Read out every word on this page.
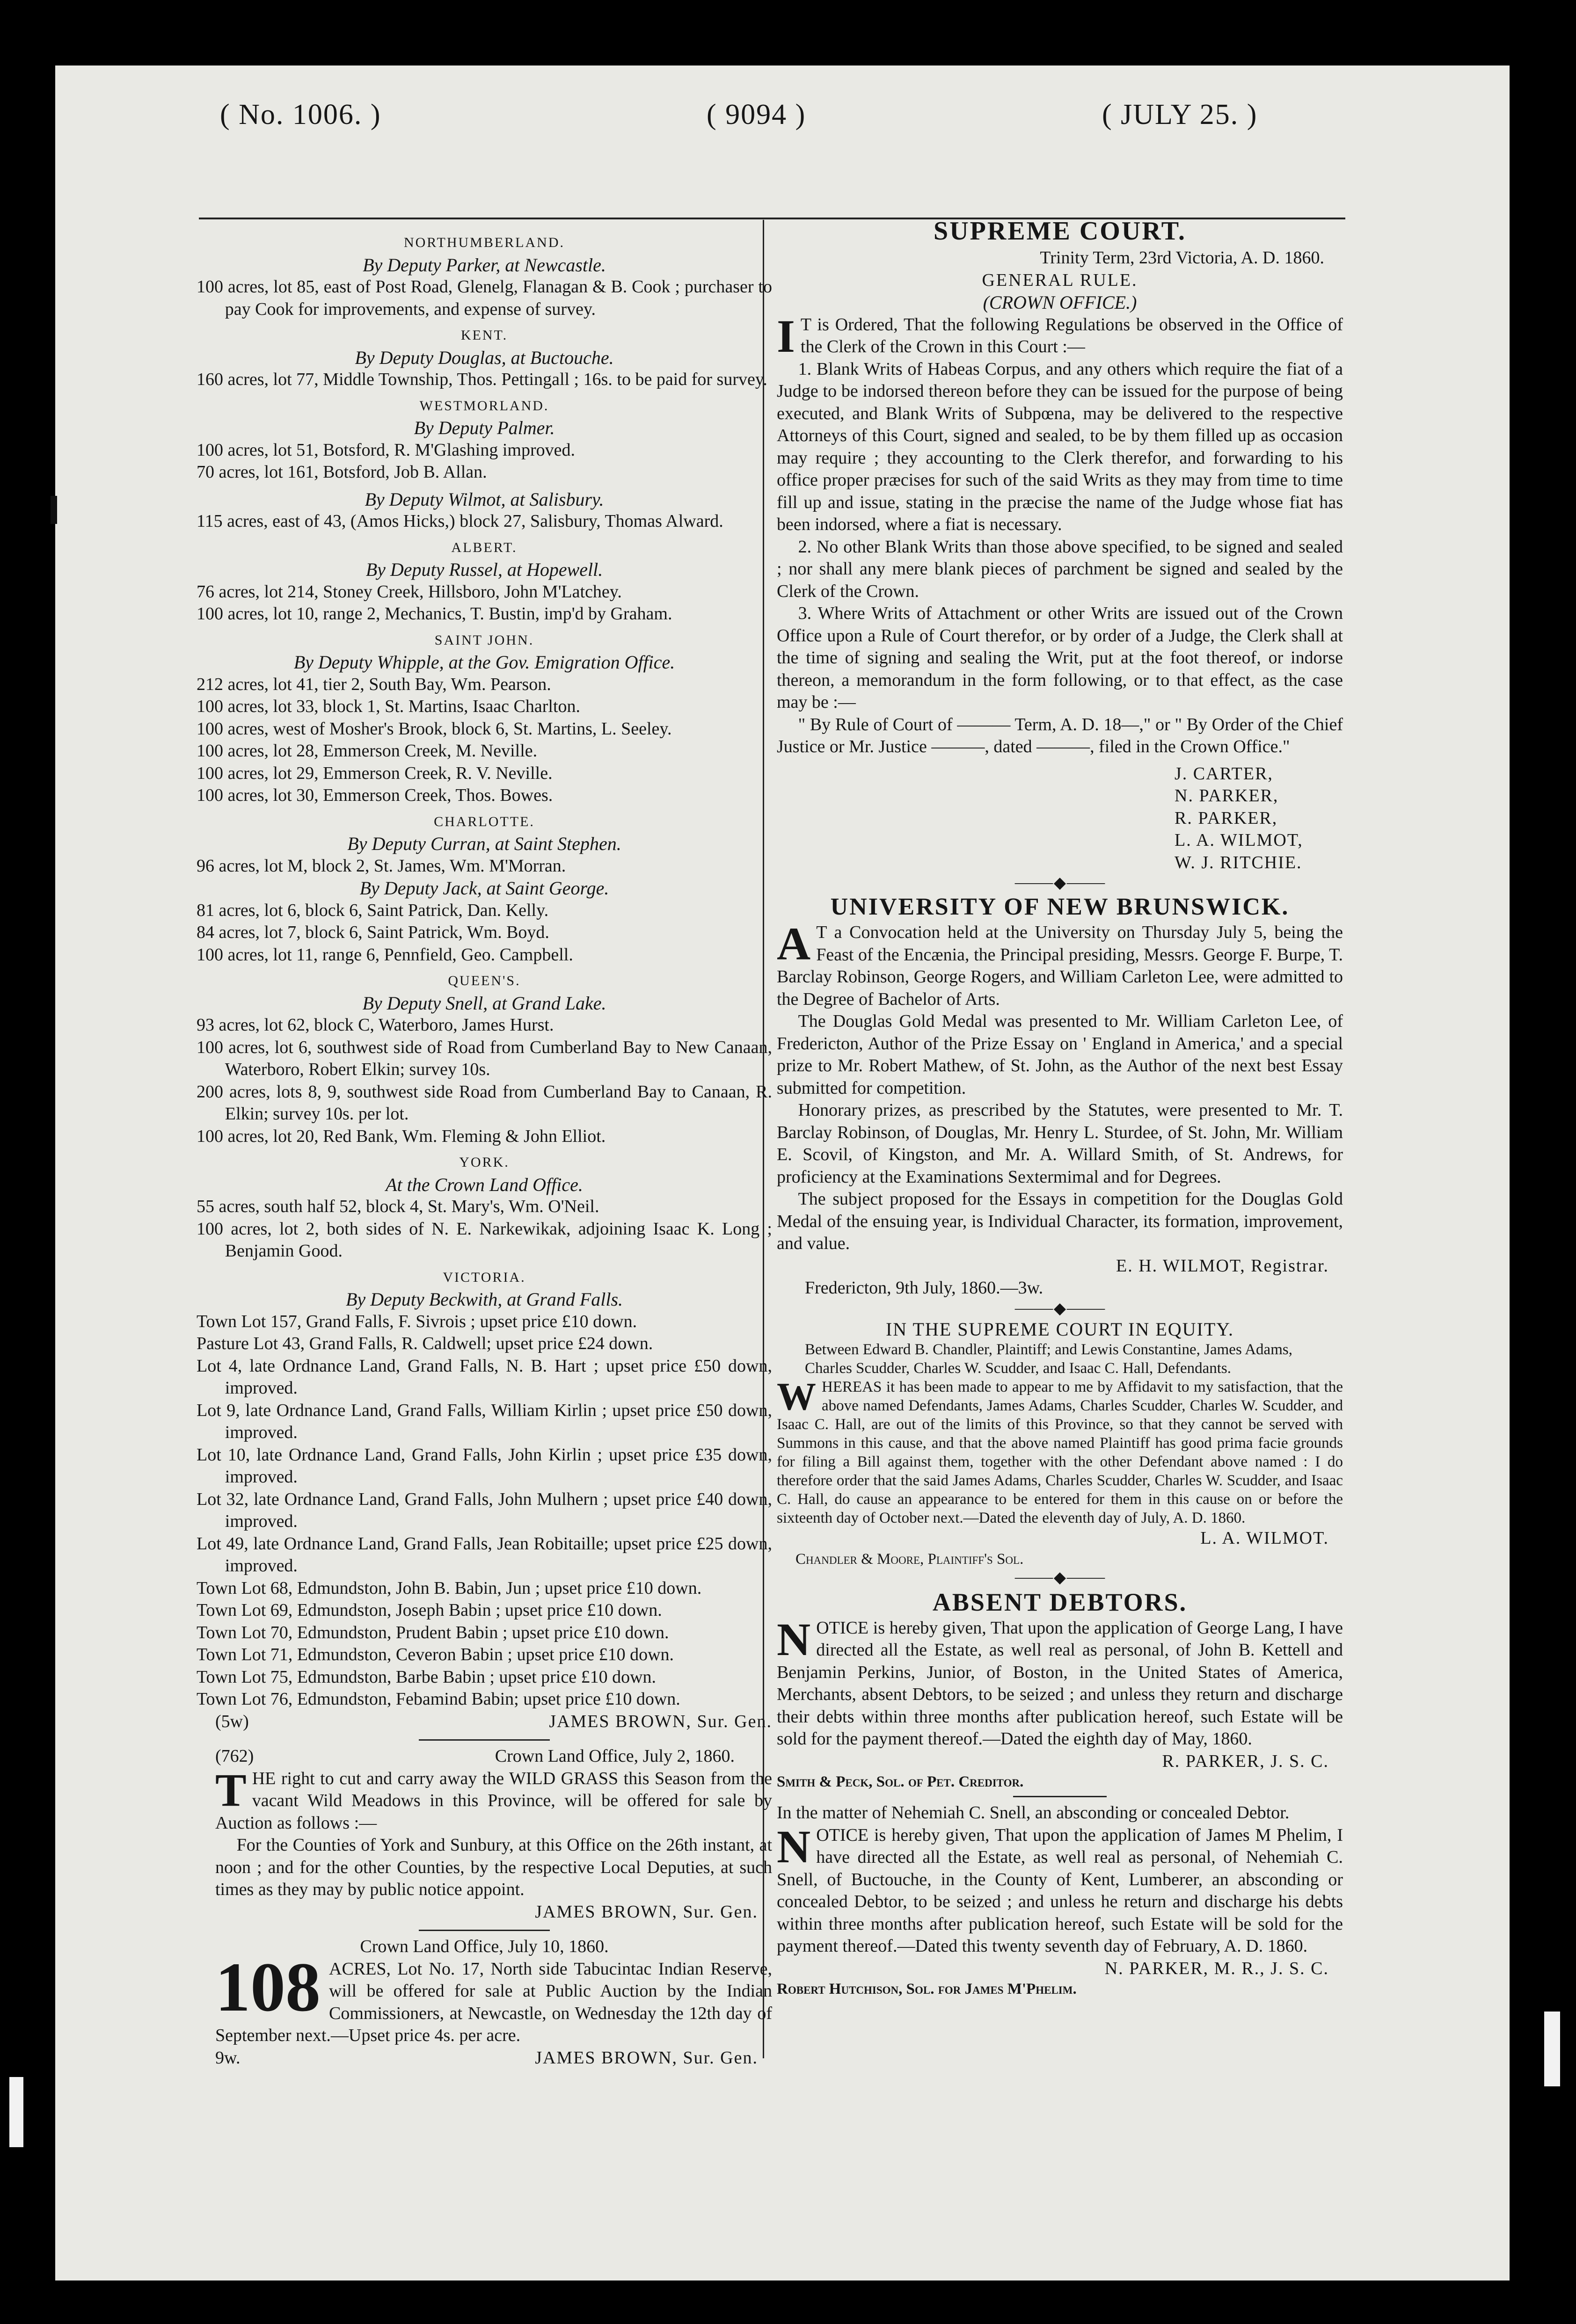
( No. 1006. )	( 9094 )	( JULY 25. )

NORTHUMBERLAND.

By Deputy Parker, at Newcastle.

100 acres, lot 85, east of Post Road, Glenelg, Flanagan & B. Cook ; purchaser to pay Cook for improvements, and expense of survey.

KENT.

By Deputy Douglas, at Buctouche.

160 acres, lot 77, Middle Township, Thos. Pettingall ; 16s. to be paid for survey.

WESTMORLAND.

By Deputy Palmer.

100 acres, lot 51, Botsford, R. M'Glashing improved.

70 acres, lot 161, Botsford, Job B. Allan.

By Deputy Wilmot, at Salisbury.

115 acres, east of 43, (Amos Hicks,) block 27, Salisbury, Thomas Alward.

ALBERT.

By Deputy Russel, at Hopewell.

76 acres, lot 214, Stoney Creek, Hillsboro, John M'Latchey.

100 acres, lot 10, range 2, Mechanics, T. Bustin, imp'd by Graham.

SAINT JOHN.

By Deputy Whipple, at the Gov. Emigration Office.

212 acres, lot 41, tier 2, South Bay, Wm. Pearson.

100 acres, lot 33, block 1, St. Martins, Isaac Charlton.

100 acres, west of Mosher's Brook, block 6, St. Martins, L. Seeley.

100 acres, lot 28, Emmerson Creek, M. Neville.

100 acres, lot 29, Emmerson Creek, R. V. Neville.

100 acres, lot 30, Emmerson Creek, Thos. Bowes.

CHARLOTTE.

By Deputy Curran, at Saint Stephen.

96 acres, lot M, block 2, St. James, Wm. M'Morran.

By Deputy Jack, at Saint George.

81 acres, lot 6, block 6, Saint Patrick, Dan. Kelly.

84 acres, lot 7, block 6, Saint Patrick, Wm. Boyd.

100 acres, lot 11, range 6, Pennfield, Geo. Campbell.

QUEEN'S.

By Deputy Snell, at Grand Lake.

93 acres, lot 62, block C, Waterboro, James Hurst.

100 acres, lot 6, southwest side of Road from Cumberland Bay to New Canaan, Waterboro, Robert Elkin; survey 10s.

200 acres, lots 8, 9, southwest side Road from Cumberland Bay to Canaan, R. Elkin; survey 10s. per lot.

100 acres, lot 20, Red Bank, Wm. Fleming & John Elliot.

YORK.

At the Crown Land Office.

55 acres, south half 52, block 4, St. Mary's, Wm. O'Neil.

100 acres, lot 2, both sides of N. E. Narkewikak, adjoining Isaac K. Long ; Benjamin Good.

VICTORIA.

By Deputy Beckwith, at Grand Falls.

Town Lot 157, Grand Falls, F. Sivrois ; upset price £10 down.

Pasture Lot 43, Grand Falls, R. Caldwell; upset price £24 down.

Lot 4, late Ordnance Land, Grand Falls, N. B. Hart ; upset price £50 down, improved.

Lot 9, late Ordnance Land, Grand Falls, William Kirlin ; upset price £50 down, improved.

Lot 10, late Ordnance Land, Grand Falls, John Kirlin ; upset price £35 down, improved.

Lot 32, late Ordnance Land, Grand Falls, John Mulhern ; upset price £40 down, improved.

Lot 49, late Ordnance Land, Grand Falls, Jean Robitaille; upset price £25 down, improved.

Town Lot 68, Edmundston, John B. Babin, Jun ; upset price £10 down.

Town Lot 69, Edmundston, Joseph Babin ; upset price £10 down.

Town Lot 70, Edmundston, Prudent Babin ; upset price £10 down.

Town Lot 71, Edmundston, Ceveron Babin ; upset price £10 down.

Town Lot 75, Edmundston, Barbe Babin ; upset price £10 down.

Town Lot 76, Edmundston, Febamind Babin; upset price £10 down.

(5w)	JAMES BROWN, Sur. Gen.

(762)	Crown Land Office, July 2, 1860.

THE right to cut and carry away the WILD GRASS this Season from the vacant Wild Meadows in this Province, will be offered for sale by Auction as follows :—

For the Counties of York and Sunbury, at this Office on the 26th instant, at noon ; and for the other Counties, by the respective Local Deputies, at such times as they may by public notice appoint.

JAMES BROWN, Sur. Gen.

Crown Land Office, July 10, 1860.

108 ACRES, Lot No. 17, North side Tabucintac Indian Reserve, will be offered for sale at Public Auction by the Indian Commissioners, at Newcastle, on Wednesday the 12th day of September next.—Upset price 4s. per acre.

9w.	JAMES BROWN, Sur. Gen.

SUPREME COURT.

Trinity Term, 23rd Victoria, A. D. 1860.

GENERAL RULE.

(CROWN OFFICE.)

I T is Ordered, That the following Regulations be observed in the Office of the Clerk of the Crown in this Court :—

1. Blank Writs of Habeas Corpus, and any others which require the fiat of a Judge to be indorsed thereon before they can be issued for the purpose of being executed, and Blank Writs of Subpœna, may be delivered to the respective Attorneys of this Court, signed and sealed, to be by them filled up as occasion may require ; they accounting to the Clerk therefor, and forwarding to his office proper præcises for such of the said Writs as they may from time to time fill up and issue, stating in the præcise the name of the Judge whose fiat has been indorsed, where a fiat is necessary.

2. No other Blank Writs than those above specified, to be signed and sealed ; nor shall any mere blank pieces of parchment be signed and sealed by the Clerk of the Crown.

3. Where Writs of Attachment or other Writs are issued out of the Crown Office upon a Rule of Court therefor, or by order of a Judge, the Clerk shall at the time of signing and sealing the Writ, put at the foot thereof, or indorse thereon, a memorandum in the form following, or to that effect, as the case may be :—

" By Rule of Court of ——— Term, A. D. 18—," or " By Order of the Chief Justice or Mr. Justice ———, dated ———, filed in the Crown Office."

J. CARTER,

N. PARKER,

R. PARKER,

L. A. WILMOT,

W. J. RITCHIE.

⸻◆⸻

UNIVERSITY OF NEW BRUNSWICK.

A T a Convocation held at the University on Thursday July 5, being the Feast of the Encænia, the Principal presiding, Messrs. George F. Burpe, T. Barclay Robinson, George Rogers, and William Carleton Lee, were admitted to the Degree of Bachelor of Arts.

The Douglas Gold Medal was presented to Mr. William Carleton Lee, of Fredericton, Author of the Prize Essay on ' England in America,' and a special prize to Mr. Robert Mathew, of St. John, as the Author of the next best Essay submitted for competition.

Honorary prizes, as prescribed by the Statutes, were presented to Mr. T. Barclay Robinson, of Douglas, Mr. Henry L. Sturdee, of St. John, Mr. William E. Scovil, of Kingston, and Mr. A. Willard Smith, of St. Andrews, for proficiency at the Examinations Sextermimal and for Degrees.

The subject proposed for the Essays in competition for the Douglas Gold Medal of the ensuing year, is Individual Character, its formation, improvement, and value.

E. H. WILMOT, Registrar.

Fredericton, 9th July, 1860.—3w.

⸻◆⸻

IN THE SUPREME COURT IN EQUITY.

Between Edward B. Chandler, Plaintiff; and Lewis Constantine, James Adams, Charles Scudder, Charles W. Scudder, and Isaac C. Hall, Defendants.

WHEREAS it has been made to appear to me by Affidavit to my satisfaction, that the above named Defendants, James Adams, Charles Scudder, Charles W. Scudder, and Isaac C. Hall, are out of the limits of this Province, so that they cannot be served with Summons in this cause, and that the above named Plaintiff has good prima facie grounds for filing a Bill against them, together with the other Defendant above named : I do therefore order that the said James Adams, Charles Scudder, Charles W. Scudder, and Isaac C. Hall, do cause an appearance to be entered for them in this cause on or before the sixteenth day of October next.—Dated the eleventh day of July, A. D. 1860.

L. A. WILMOT.

Chandler & Moore, Plaintiff's Sol.

⸻◆⸻

ABSENT DEBTORS.

NOTICE is hereby given, That upon the application of George Lang, I have directed all the Estate, as well real as personal, of John B. Kettell and Benjamin Perkins, Junior, of Boston, in the United States of America, Merchants, absent Debtors, to be seized ; and unless they return and discharge their debts within three months after publication hereof, such Estate will be sold for the payment thereof.—Dated the eighth day of May, 1860.

R. PARKER, J. S. C.

Smith & Peck, Sol. of Pet. Creditor.

In the matter of Nehemiah C. Snell, an absconding or concealed Debtor.

NOTICE is hereby given, That upon the application of James M Phelim, I have directed all the Estate, as well real as personal, of Nehemiah C. Snell, of Buctouche, in the County of Kent, Lumberer, an absconding or concealed Debtor, to be seized ; and unless he return and discharge his debts within three months after publication hereof, such Estate will be sold for the payment thereof.—Dated this twenty seventh day of February, A. D. 1860.

N. PARKER, M. R., J. S. C.

Robert Hutchison, Sol. for James M'Phelim.
